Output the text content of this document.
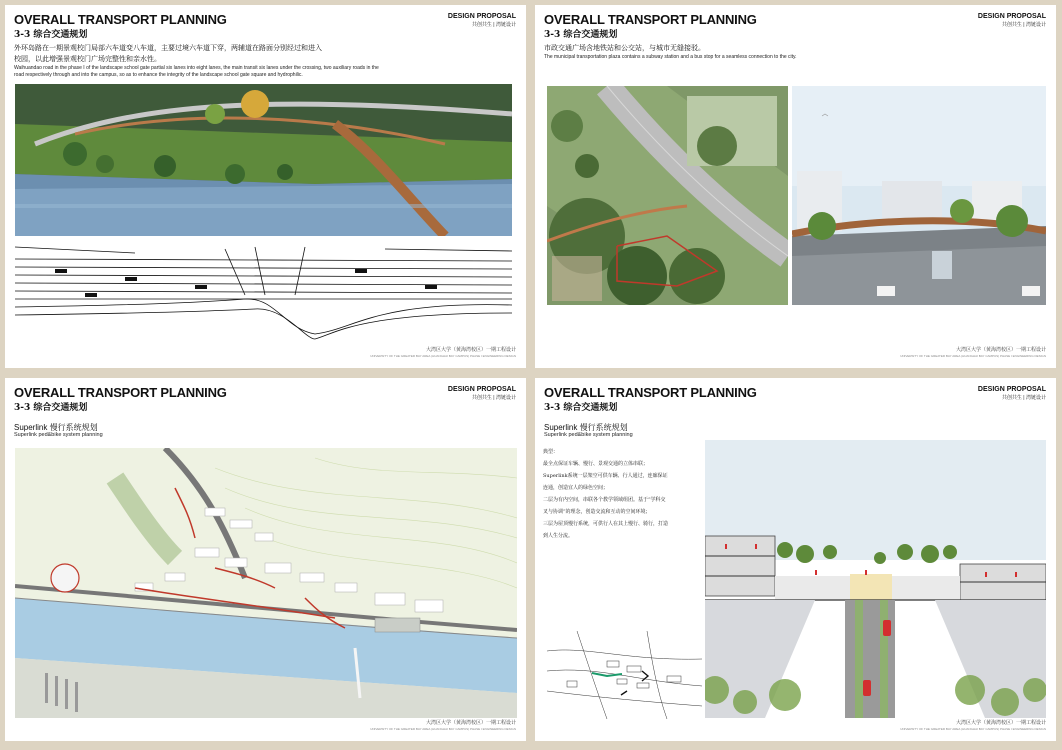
OVERALL TRANSPORT PLANNING
3-3 综合交通规划
DESIGN PROPOSAL
共创共生 | 湾链设计
外环岛路在一期景观校门局部六车道变八车道，主要过境六车道下穿，两辅道在路面分别经过和进入
校园，以此增强景观校门广场完整性和亲水性。
Waihuandao road in the phase I of the landscape school gate partial six lanes into eight lanes, the main transit six lanes under the crossing, two auxiliary roads in the
road respectively through and into the campus, so as to enhance the integrity of the landscape school gate square and hydrophilic.
大湾区大学（黄海湾校区）一期工程设计
UNIVERSITY OF THE GREATER BAY AREA (HUANGHAI BAY CAMPUS) PHASE I ENGINEERING DESIGN
OVERALL TRANSPORT PLANNING
3-3 综合交通规划
DESIGN PROPOSAL
共创共生 | 湾链设计
市政交通广场含地铁站和公交站，与城市无缝接驳。
The municipal transportation plaza contains a subway station and a bus stop for a seamless connection to the city.
大湾区大学（黄海湾校区）一期工程设计
UNIVERSITY OF THE GREATER BAY AREA (HUANGHAI BAY CAMPUS) PHASE I ENGINEERING DESIGN
OVERALL TRANSPORT PLANNING
3-3 综合交通规划
DESIGN PROPOSAL
共创共生 | 湾链设计
Superlink 慢行系统规划
Superlink ped&bike system planning
大湾区大学（黄海湾校区）一期工程设计
UNIVERSITY OF THE GREATER BAY AREA (HUANGHAI BAY CAMPUS) PHASE I ENGINEERING DESIGN
OVERALL TRANSPORT PLANNING
3-3 综合交通规划
DESIGN PROPOSAL
共创共生 | 湾链设计
Superlink 慢行系统规划
Superlink ped&bike system planning

典型：

最全点保证车辆、慢行、景观交通的立体串联；

Superlink系统一层架空可供车辆、行人通过，连廊保证

连通，创造宜人的绿色空间；

二层为有内空间，串联各个教学领域组团。基于“学科交

叉与协调”的理念，创造交流和互动的空间环境；

三层为屋顶慢行系统，可供行人在其上慢行、骑行，打造

到人生分流。

大湾区大学（黄海湾校区）一期工程设计
UNIVERSITY OF THE GREATER BAY AREA (HUANGHAI BAY CAMPUS) PHASE I ENGINEERING DESIGN
